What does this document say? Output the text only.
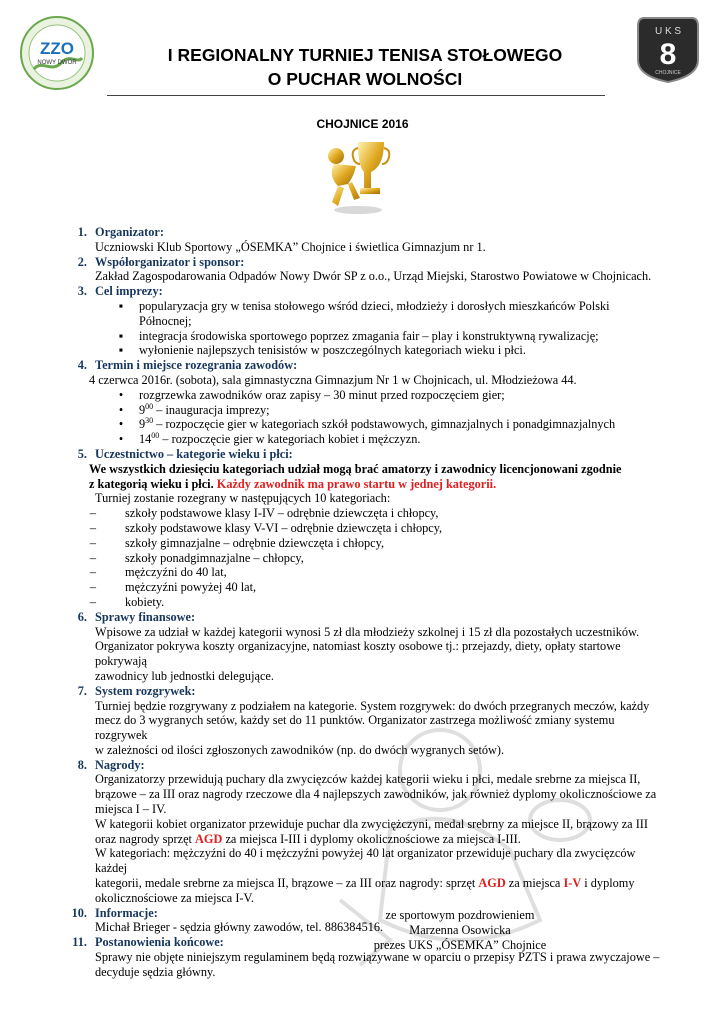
ZZO
NOWY DWÓR
U K S
8
CHOJNICE
I REGIONALNY TURNIEJ TENISA STOŁOWEGO
O PUCHAR WOLNOŚCI
CHOJNICE 2016
1. Organizator:
Uczniowski Klub Sportowy „ÓSEMKA” Chojnice i świetlica Gimnazjum nr 1.
2. Współorganizator i sponsor:
Zakład Zagospodarowania Odpadów Nowy Dwór SP z o.o., Urząd Miejski, Starostwo Powiatowe w Chojnicach.
3. Cel imprezy:
▪	popularyzacja gry w tenisa stołowego wśród dzieci, młodzieży i dorosłych mieszkańców Polski Północnej;
▪	integracja środowiska sportowego poprzez zmagania fair – play i konstruktywną rywalizację;
▪	wyłonienie najlepszych tenisistów w poszczególnych kategoriach wieku i płci.
4. Termin i miejsce rozegrania zawodów:
4 czerwca 2016r. (sobota), sala gimnastyczna Gimnazjum Nr 1 w Chojnicach, ul. Młodzieżowa 44.
•	rozgrzewka zawodników oraz zapisy – 30 minut przed rozpoczęciem gier;
•	$9^{00}$ – inauguracja imprezy;
•	$9^{30}$ – rozpoczęcie gier w kategoriach szkół podstawowych, gimnazjalnych i ponadgimnazjalnych
•	$14^{00}$ – rozpoczęcie gier w kategoriach kobiet i mężczyzn.
5. Uczestnictwo – kategorie wieku i płci:
We wszystkich dziesięciu kategoriach udział mogą brać amatorzy i zawodnicy licencjonowani zgodnie
z kategorią wieku i płci. Każdy zawodnik ma prawo startu w jednej kategorii.
Turniej zostanie rozegrany w następujących 10 kategoriach:
– szkoły podstawowe klasy I-IV – odrębnie dziewczęta i chłopcy,
– szkoły podstawowe klasy V-VI – odrębnie dziewczęta i chłopcy,
– szkoły gimnazjalne – odrębnie dziewczęta i chłopcy,
– szkoły ponadgimnazjalne – chłopcy,
– mężczyźni do 40 lat,
– mężczyźni powyżej 40 lat,
– kobiety.
6. Sprawy finansowe:
Wpisowe za udział w każdej kategorii wynosi 5 zł dla młodzieży szkolnej i 15 zł dla pozostałych uczestników.
Organizator pokrywa koszty organizacyjne, natomiast koszty osobowe tj.: przejazdy, diety, opłaty startowe pokrywają
zawodnicy lub jednostki delegujące.
7. System rozgrywek:
Turniej będzie rozgrywany z podziałem na kategorie. System rozgrywek: do dwóch przegranych meczów, każdy
mecz do 3 wygranych setów, każdy set do 11 punktów. Organizator zastrzega możliwość zmiany systemu rozgrywek
w zależności od ilości zgłoszonych zawodników (np. do dwóch wygranych setów).
8. Nagrody:
Organizatorzy przewidują puchary dla zwycięzców każdej kategorii wieku i płci, medale srebrne za miejsca II,
brązowe – za III oraz nagrody rzeczowe dla 4 najlepszych zawodników, jak również dyplomy okolicznościowe za
miejsca I – IV.
W kategorii kobiet organizator przewiduje puchar dla zwyciężczyni, medal srebrny za miejsce II, brązowy za III
oraz nagrody sprzęt AGD za miejsca I-III i dyplomy okolicznościowe za miejsca I-III.
W kategoriach: mężczyźni do 40 i mężczyźni powyżej 40 lat organizator przewiduje puchary dla zwycięzców każdej
kategorii, medale srebrne za miejsca II, brązowe – za III oraz nagrody: sprzęt AGD za miejsca I-V i dyplomy
okolicznościowe za miejsca I-V.
10. Informacje:
Michał Brieger - sędzia główny zawodów, tel. 886384516.
11. Postanowienia końcowe:
Sprawy nie objęte niniejszym regulaminem będą rozwiązywane w oparciu o przepisy PZTS i prawa zwyczajowe –
decyduje sędzia główny.
ze sportowym pozdrowieniem
Marzenna Osowicka
prezes UKS „ÓSEMKA” Chojnice
